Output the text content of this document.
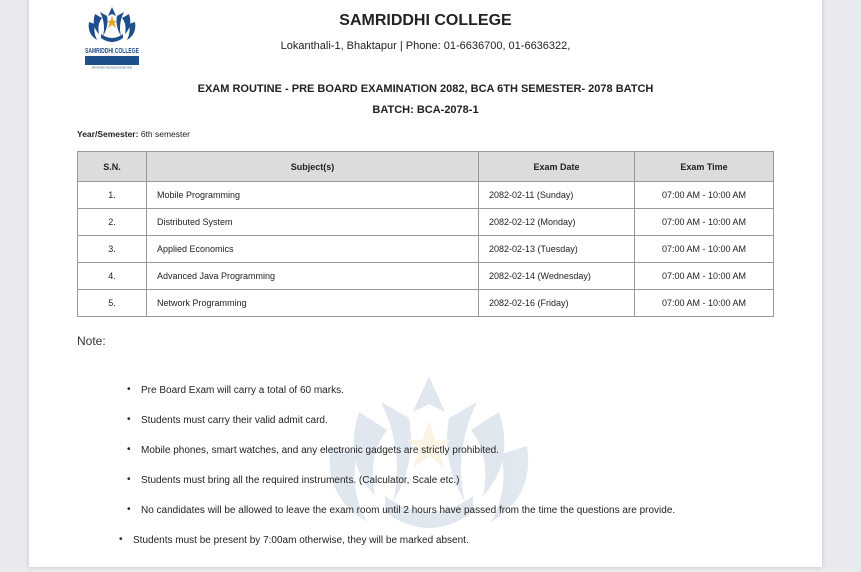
SAMRIDDHI COLLEGE
ARCHIVING KNOWLEDGE BEYOND
SAMRIDDHI COLLEGE
Lokanthali-1, Bhaktapur | Phone: 01-6636700, 01-6636322,
EXAM ROUTINE - PRE BOARD EXAMINATION 2082, BCA 6TH SEMESTER- 2078 BATCH
BATCH: BCA-2078-1
Year/Semester: 6th semester
S.N.	Subject(s)	Exam Date	Exam Time
1.	Mobile Programming	2082-02-11 (Sunday)	07:00 AM - 10:00 AM
2.	Distributed System	2082-02-12 (Monday)	07:00 AM - 10:00 AM
3.	Applied Economics	2082-02-13 (Tuesday)	07:00 AM - 10:00 AM
4.	Advanced Java Programming	2082-02-14 (Wednesday)	07:00 AM - 10:00 AM
5.	Network Programming	2082-02-16 (Friday)	07:00 AM - 10:00 AM
Note:
• Pre Board Exam will carry a total of 60 marks.
• Students must carry their valid admit card.
• Mobile phones, smart watches, and any electronic gadgets are strictly prohibited.
• Students must bring all the required instruments. (Calculator, Scale etc.)
• No candidates will be allowed to leave the exam room until 2 hours have passed from the time the questions are provide.
• Students must be present by 7:00am otherwise, they will be marked absent.
